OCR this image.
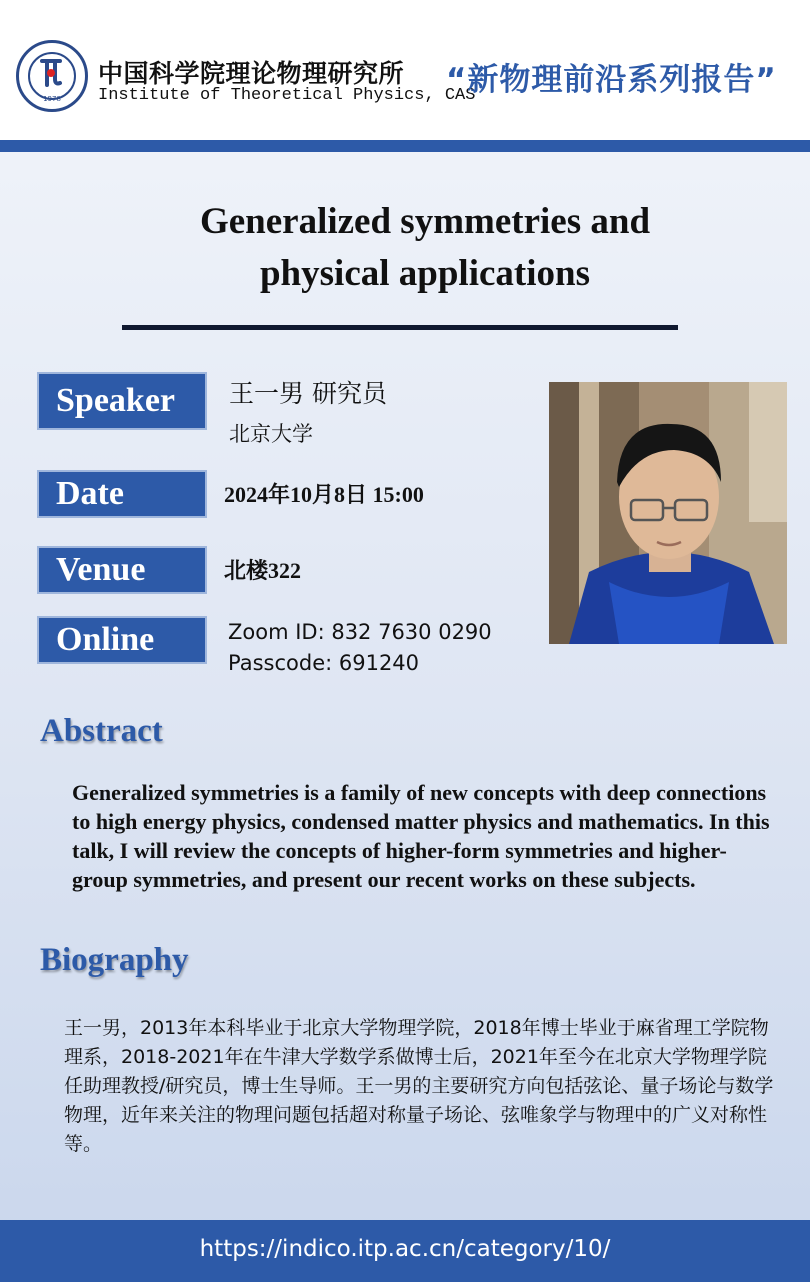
1978
中国科学院理论物理研究所
Institute of Theoretical Physics, CAS
“新物理前沿系列报告”
Generalized symmetries and
physical applications
Speaker	王一男 研究员
北京大学
Date	2024年10月8日 15:00
Venue	北楼322
Online	Zoom ID: 832 7630 0290
Passcode: 691240
Abstract
Generalized symmetries is a family of new concepts with deep connections to high energy physics, condensed matter physics and mathematics. In this talk, I will review the concepts of higher-form symmetries and higher-group symmetries, and present our recent works on these subjects.
Biography
王一男，2013年本科毕业于北京大学物理学院，2018年博士毕业于麻省理工学院物理系，2018-2021年在牛津大学数学系做博士后，2021年至今在北京大学物理学院任助理教授/研究员，博士生导师。王一男的主要研究方向包括弦论、量子场论与数学物理，近年来关注的物理问题包括超对称量子场论、弦唯象学与物理中的广义对称性等。
https://indico.itp.ac.cn/category/10/
